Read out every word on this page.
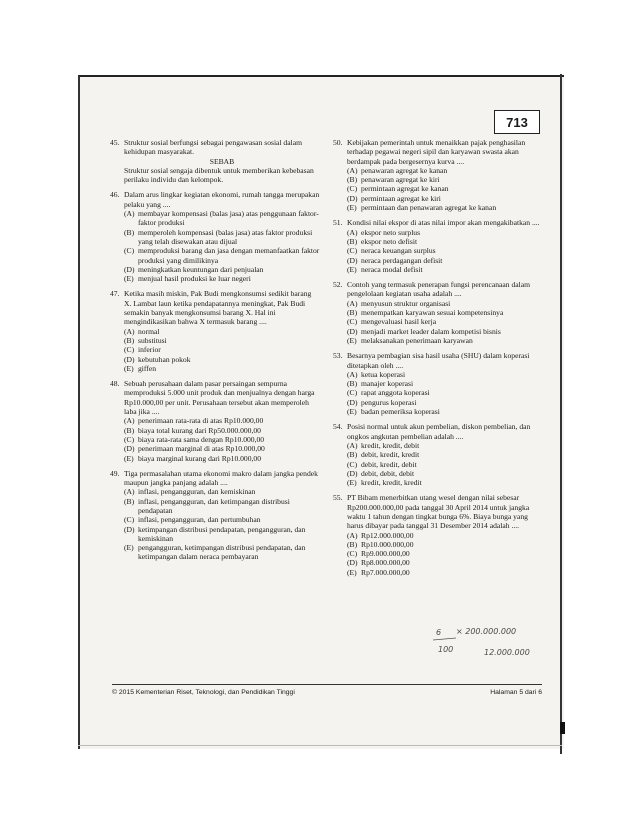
713
45. Struktur sosial berfungsi sebagai pengawasan sosial dalam kehidupan masyarakat.
SEBAB
Struktur sosial sengaja dibentuk untuk memberikan kebebasan perilaku individu dan kelompok.
46. Dalam arus lingkar kegiatan ekonomi, rumah tangga merupakan pelaku yang ....
(A) membayar kompensasi (balas jasa) atas penggunaan faktor-faktor produksi
(B) memperoleh kompensasi (balas jasa) atas faktor produksi yang telah disewakan atau dijual
(C) memproduksi barang dan jasa dengan memanfaatkan faktor produksi yang dimilikinya
(D) meningkatkan keuntungan dari penjualan
(E) menjual hasil produksi ke luar negeri
47. Ketika masih miskin, Pak Budi mengkonsumsi sedikit barang X. Lambat laun ketika pendapatannya meningkat, Pak Budi semakin banyak mengkonsumsi barang X. Hal ini mengindikasikan bahwa X termasuk barang ....
(A) normal
(B) substitusi
(C) inferior
(D) kebutuhan pokok
(E) giffen
48. Sebuah perusahaan dalam pasar persaingan sempurna memproduksi 5.000 unit produk dan menjualnya dengan harga Rp10.000,00 per unit. Perusahaan tersebut akan memperoleh laba jika ....
(A) penerimaan rata-rata di atas Rp10.000,00
(B) biaya total kurang dari Rp50.000.000,00
(C) biaya rata-rata sama dengan Rp10.000,00
(D) penerimaan marginal di atas Rp10.000,00
(E) biaya marginal kurang dari Rp10.000,00
49. Tiga permasalahan utama ekonomi makro dalam jangka pendek maupun jangka panjang adalah ....
(A) inflasi, pengangguran, dan kemiskinan
(B) inflasi, pengangguran, dan ketimpangan distribusi pendapatan
(C) inflasi, pengangguran, dan pertumbuhan
(D) ketimpangan distribusi pendapatan, pengangguran, dan kemiskinan
(E) pengangguran, ketimpangan distribusi pendapatan, dan ketimpangan dalam neraca pembayaran
50. Kebijakan pemerintah untuk menaikkan pajak penghasilan terhadap pegawai negeri sipil dan karyawan swasta akan berdampak pada bergesernya kurva ....
(A) penawaran agregat ke kanan
(B) penawaran agregat ke kiri
(C) permintaan agregat ke kanan
(D) permintaan agregat ke kiri
(E) permintaan dan penawaran agregat ke kanan
51. Kondisi nilai ekspor di atas nilai impor akan mengakibatkan ....
(A) ekspor neto surplus
(B) ekspor neto defisit
(C) neraca keuangan surplus
(D) neraca perdagangan defisit
(E) neraca modal defisit
52. Contoh yang termasuk penerapan fungsi perencanaan dalam pengelolaan kegiatan usaha adalah ....
(A) menyusun struktur organisasi
(B) menempatkan karyawan sesuai kompetensinya
(C) mengevaluasi hasil kerja
(D) menjadi market leader dalam kompetisi bisnis
(E) melaksanakan penerimaan karyawan
53. Besarnya pembagian sisa hasil usaha (SHU) dalam koperasi ditetapkan oleh ....
(A) ketua koperasi
(B) manajer koperasi
(C) rapat anggota koperasi
(D) pengurus koperasi
(E) badan pemeriksa koperasi
54. Posisi normal untuk akun pembelian, diskon pembelian, dan ongkos angkutan pembelian adalah ....
(A) kredit, kredit, debit
(B) debit, kredit, kredit
(C) debit, kredit, debit
(D) debit, debit, debit
(E) kredit, kredit, kredit
55. PT Bibam menerbitkan utang wesel dengan nilai sebesar Rp200.000.000,00 pada tanggal 30 April 2014 untuk jangka waktu 1 tahun dengan tingkat bunga 6%. Biaya bunga yang harus dibayar pada tanggal 31 Desember 2014 adalah ....
(A) Rp12.000.000,00
(B) Rp10.000.000,00
(C) Rp9.000.000,00
(D) Rp8.000.000,00
(E) Rp7.000.000,00
© 2015 Kementerian Riset, Teknologi, dan Pendidikan Tinggi	Halaman 5 dari 6
6 × 200.000.000
100	12.000.000
